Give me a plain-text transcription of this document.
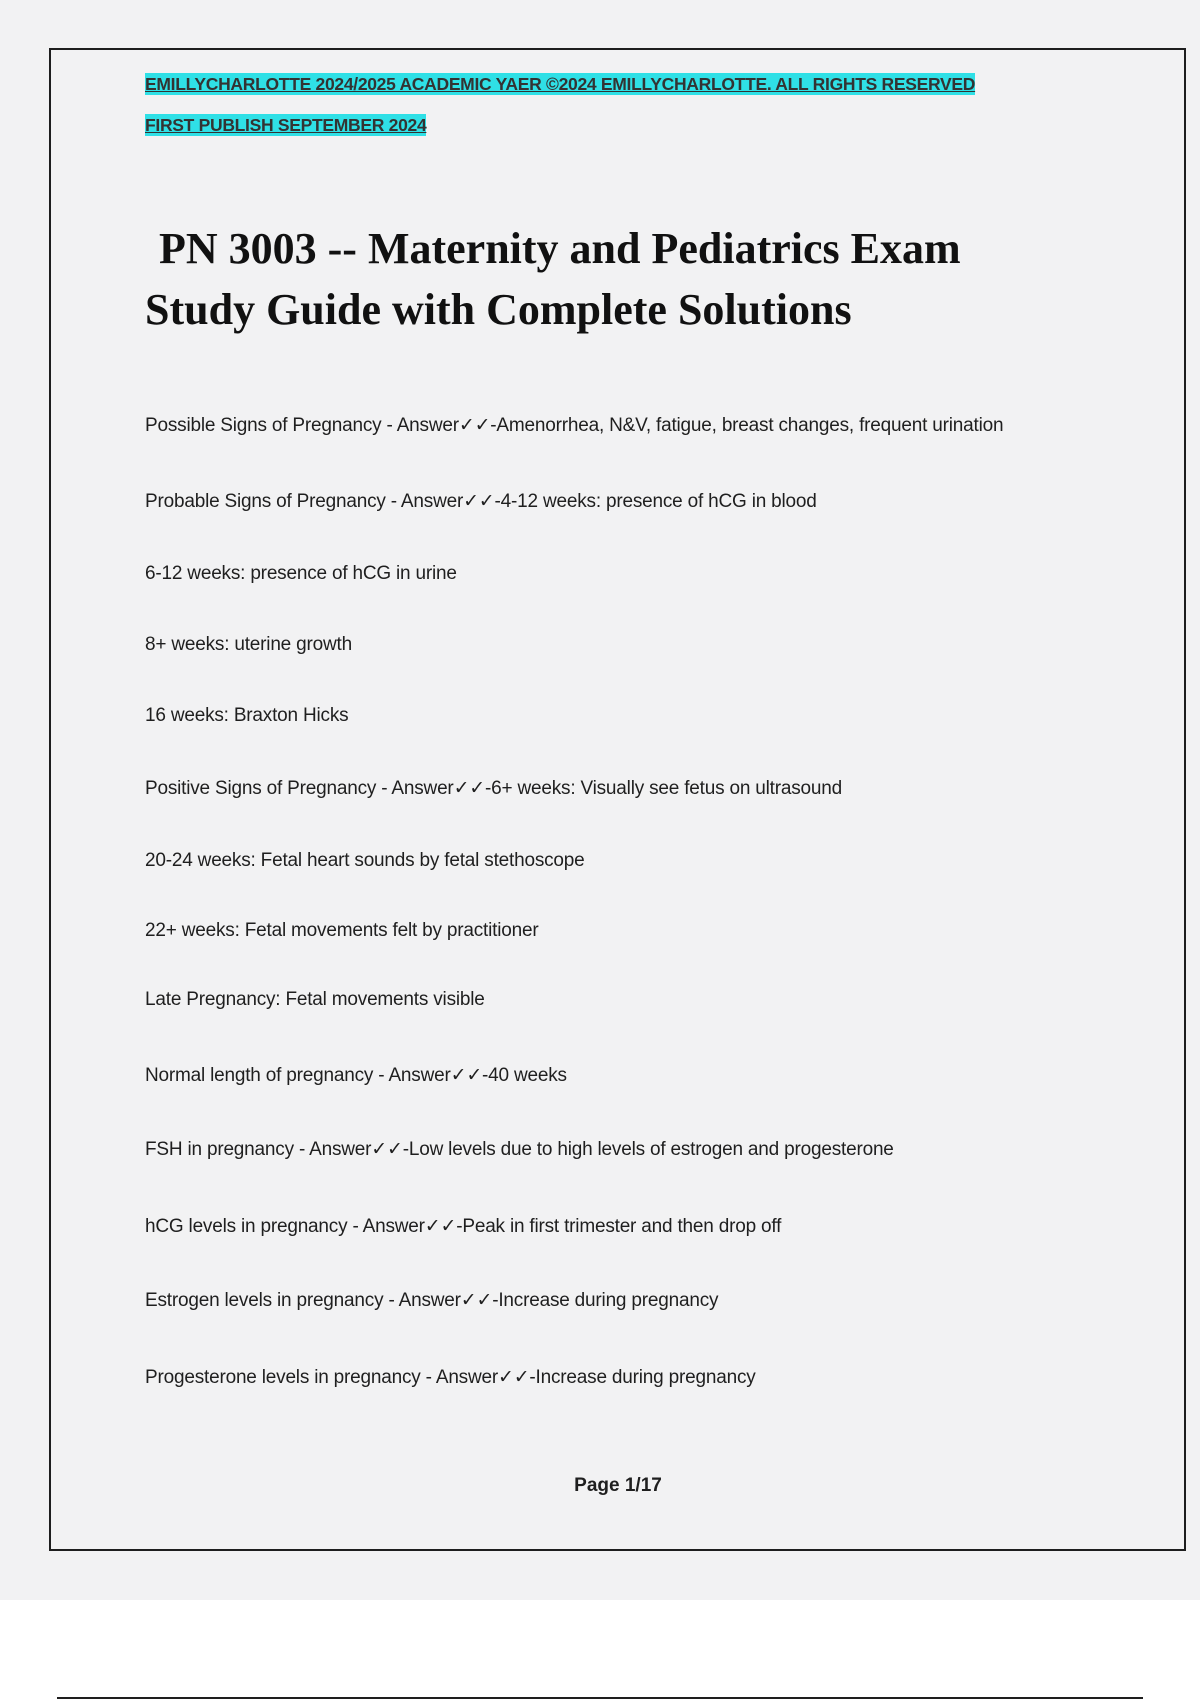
EMILLYCHARLOTTE 2024/2025 ACADEMIC YAER ©2024 EMILLYCHARLOTTE. ALL RIGHTS RESERVED
FIRST PUBLISH SEPTEMBER 2024
PN 3003 -- Maternity and Pediatrics Exam
Study Guide with Complete Solutions
Possible Signs of Pregnancy - Answer✓✓-Amenorrhea, N&V, fatigue, breast changes, frequent urination
Probable Signs of Pregnancy - Answer✓✓-4-12 weeks: presence of hCG in blood
6-12 weeks: presence of hCG in urine
8+ weeks: uterine growth
16 weeks: Braxton Hicks
Positive Signs of Pregnancy - Answer✓✓-6+ weeks: Visually see fetus on ultrasound
20-24 weeks: Fetal heart sounds by fetal stethoscope
22+ weeks: Fetal movements felt by practitioner
Late Pregnancy: Fetal movements visible
Normal length of pregnancy - Answer✓✓-40 weeks
FSH in pregnancy - Answer✓✓-Low levels due to high levels of estrogen and progesterone
hCG levels in pregnancy - Answer✓✓-Peak in first trimester and then drop off
Estrogen levels in pregnancy - Answer✓✓-Increase during pregnancy
Progesterone levels in pregnancy - Answer✓✓-Increase during pregnancy
Page 1/17
